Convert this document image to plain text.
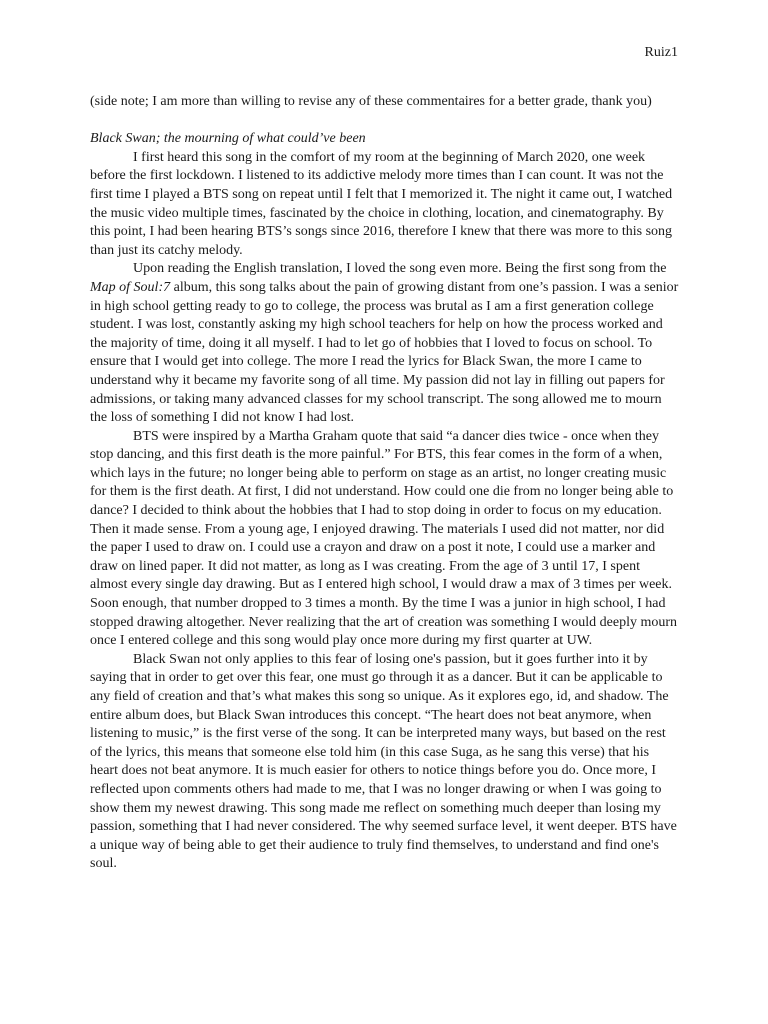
Ruiz1

(side note; I am more than willing to revise any of these commentaires for a better grade, thank you)

Black Swan; the mourning of what could’ve been

I first heard this song in the comfort of my room at the beginning of March 2020, one week before the first lockdown. I listened to its addictive melody more times than I can count. It was not the first time I played a BTS song on repeat until I felt that I memorized it. The night it came out, I watched the music video multiple times, fascinated by the choice in clothing, location, and cinematography. By this point, I had been hearing BTS’s songs since 2016, therefore I knew that there was more to this song than just its catchy melody.

Upon reading the English translation, I loved the song even more. Being the first song from the Map of Soul:7 album, this song talks about the pain of growing distant from one’s passion. I was a senior in high school getting ready to go to college, the process was brutal as I am a first generation college student. I was lost, constantly asking my high school teachers for help on how the process worked and the majority of time, doing it all myself. I had to let go of hobbies that I loved to focus on school. To ensure that I would get into college. The more I read the lyrics for Black Swan, the more I came to understand why it became my favorite song of all time. My passion did not lay in filling out papers for admissions, or taking many advanced classes for my school transcript. The song allowed me to mourn the loss of something I did not know I had lost.

BTS were inspired by a Martha Graham quote that said “a dancer dies twice - once when they stop dancing, and this first death is the more painful.” For BTS, this fear comes in the form of a when, which lays in the future; no longer being able to perform on stage as an artist, no longer creating music for them is the first death. At first, I did not understand. How could one die from no longer being able to dance? I decided to think about the hobbies that I had to stop doing in order to focus on my education. Then it made sense. From a young age, I enjoyed drawing. The materials I used did not matter, nor did the paper I used to draw on. I could use a crayon and draw on a post it note, I could use a marker and draw on lined paper. It did not matter, as long as I was creating. From the age of 3 until 17, I spent almost every single day drawing. But as I entered high school, I would draw a max of 3 times per week. Soon enough, that number dropped to 3 times a month. By the time I was a junior in high school, I had stopped drawing altogether. Never realizing that the art of creation was something I would deeply mourn once I entered college and this song would play once more during my first quarter at UW.

Black Swan not only applies to this fear of losing one's passion, but it goes further into it by saying that in order to get over this fear, one must go through it as a dancer. But it can be applicable to any field of creation and that’s what makes this song so unique. As it explores ego, id, and shadow. The entire album does, but Black Swan introduces this concept. “The heart does not beat anymore, when listening to music,” is the first verse of the song. It can be interpreted many ways, but based on the rest of the lyrics, this means that someone else told him (in this case Suga, as he sang this verse) that his heart does not beat anymore. It is much easier for others to notice things before you do. Once more, I reflected upon comments others had made to me, that I was no longer drawing or when I was going to show them my newest drawing. This song made me reflect on something much deeper than losing my passion, something that I had never considered. The why seemed surface level, it went deeper. BTS have a unique way of being able to get their audience to truly find themselves, to understand and find one's soul.
